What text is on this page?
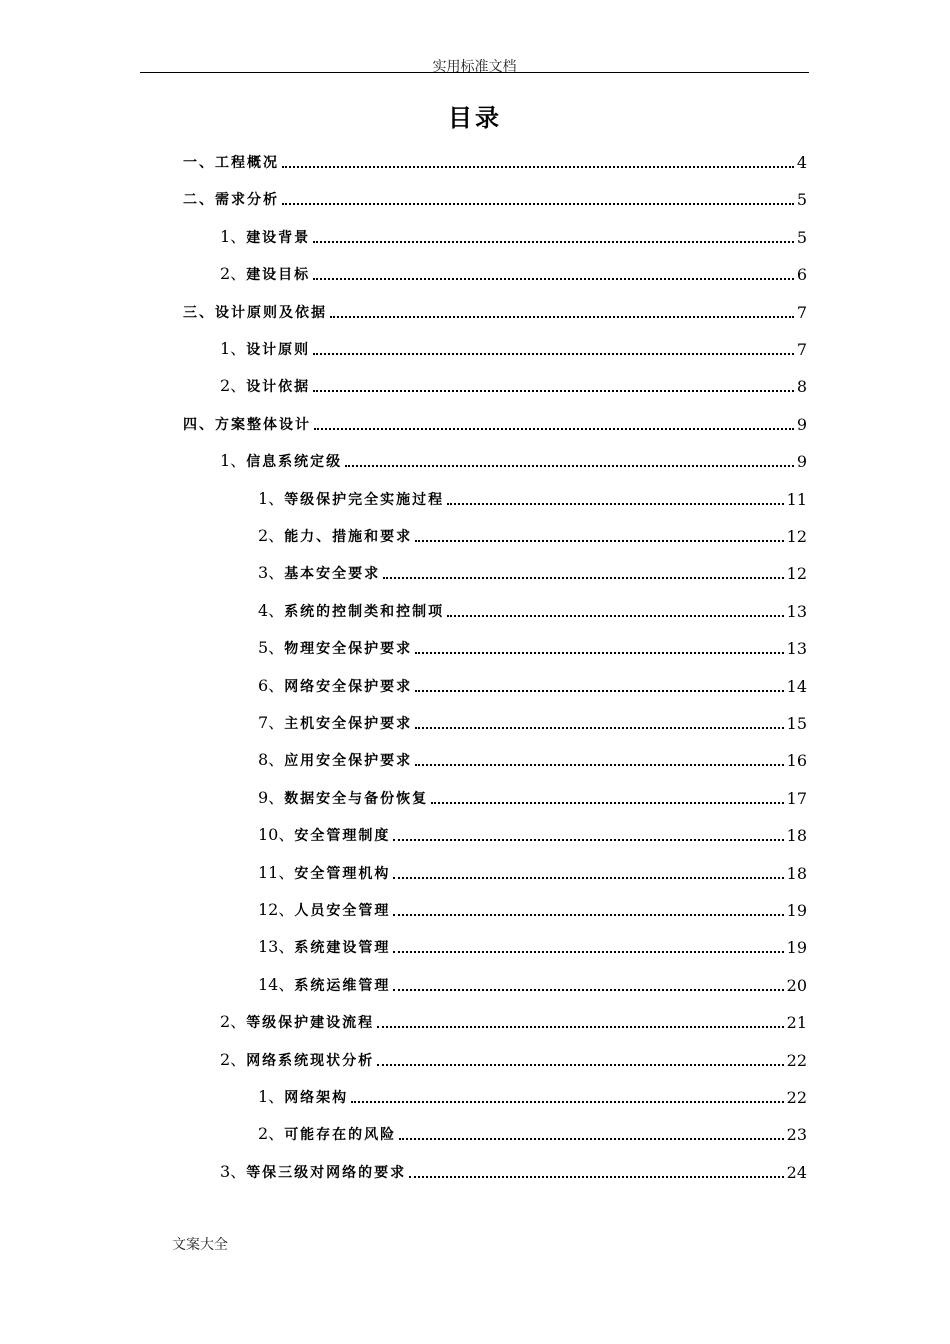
实用标准文档
目录
一、工程概况	4
二、需求分析	5
1、建设背景	5
2、建设目标	6
三、设计原则及依据	7
1、设计原则	7
2、设计依据	8
四、方案整体设计	9
1、信息系统定级	9
1、等级保护完全实施过程	11
2、能力、措施和要求	12
3、基本安全要求	12
4、系统的控制类和控制项	13
5、物理安全保护要求	13
6、网络安全保护要求	14
7、主机安全保护要求	15
8、应用安全保护要求	16
9、数据安全与备份恢复	17
10、安全管理制度	18
11、安全管理机构	18
12、人员安全管理	19
13、系统建设管理	19
14、系统运维管理	20
2、等级保护建设流程	21
2、网络系统现状分析	22
1、网络架构	22
2、可能存在的风险	23
3、等保三级对网络的要求	24
文案大全
